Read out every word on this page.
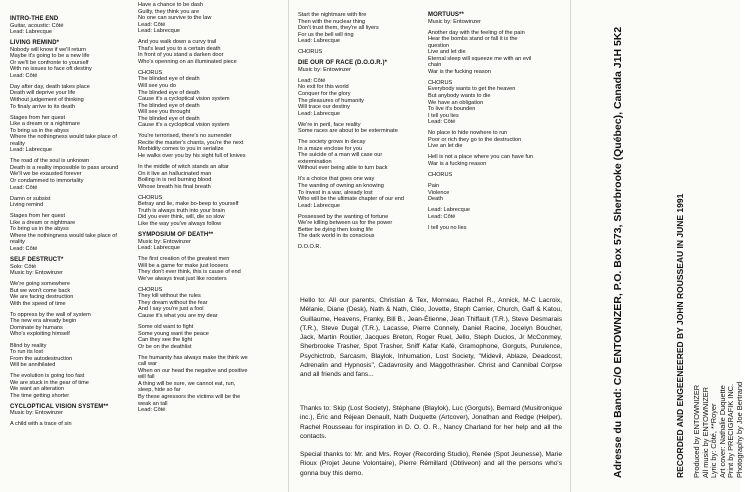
INTRO-THE END
Guitar, acoustic: Côté
Lead: Labrecque
LIVING REMIND*
Nobody will know if we'll return
Maybe it's going to be a new life
Or we'll be confronte to yourself
With no issues to face oft destiny
Lead: Côté
Day after day, death takes place
Death will deprive your life
Without judgement of thinking
To finaly arrive to its death
Stages from her quest
Like a dream or a nightmare
To bring us in the abyss
Where the nothingness would take place of
reality
Lead: Labrecque
The road of the soul is unknown
Death is a reality impossible to pass around
We'll we be exausted forever
Or condammed to immortality
Lead: Côté
Damn or subsist
Living remind
Stages from her quest
Like a dream or nightmare
To bring us in the abyss
Where the nothingness would take place of
reality
Lead: Côté
SELF DESTRUCT*
Solo: Côté
Music by: Entowinzer
We're going somewhere
But we won't come back
We are facing destruction
With the speed of time
To oppress by the wall of system
The new era already begin
Dominate by humans
Who's exploiting himself
Blind by reality
To run its lost
From the autodestruction
Will be annihilated
The evolution is going too fast
We are stuck in the gear of time
We want an alteration
The time getting shorter
CYCLOPTICAL VISION SYSTEM**
Music by: Entowinzer
A child with a trace of sin
Have a chance to be dash
Guilty, they think you are
No one can survive to the law
Lead: Côté
Lead: Labrecque
And you walk down a curvy trail
That's lead you to a certain death
In front of you stand a darken door
Who's openning on an illuminated piece
CHORUS
The blinded eye of death
Will see you do
The blinded eye of death
Cause it's a cycloptical vision system
The blinded eye of death
Will see you throught
The blinded eye of death
Cause it's a cycloptical vision system
You're terrorised, there's no surrender
Recite the master's chants, you're the next
Morbidity comes to you in serialize
He walks over you by his sight full of knives
In the middle of witch stands an altar
On it live an hallucinated man
Boiling in is red burning blood
Whose breath his final breath
CHORUS
Betray and lie, make bo-beep to yourself
Truth is always truth into your brain
Did you ever think, will, die so slow
Like the way you've always follow
SYMPOSIUM OF DEATH**
Music by: Entowinzer
Lead: Labrecque
The first creation of the greatest men
Will be a game for make just loosers
They don't ever think, this is cause of end
We've always treat just like roosters
CHORUS
They kill without the rules
They dream without the fear
And I say you're just a fool
Cause it's what you are my dear
Some old want to fight
Some young want the peace
Can they see the light
Or be on the deathlist
The humanity has always make the think we
call war
When on our head the negative and positive
will fall
A thing will be sure, we cannot eat, run,
sleep, hide so far
By these agressors the victims will be the
weak an tall
Lead: Côté
Start the nightmare with fire
Then with the nuclear thing
Don't trust them, they're all liyers
For us the bell will ring
Lead: Labrecque
CHORUS
DIE OUR OF RACE (D.O.O.R.)*
Music by: Entowinzer
Lead: Côté
No exit for this world
Conquer for the glory
The pleasures of humanity
Will trace our destiny
Lead: Labrecque
We're in peril, face reality
Some races are about to be exterminate
The society grows in decay
In a maze enclose for you
The suicide of a man will case our
extermination
Without ever being able to turn back
It's a choice that goes one way
The wanting of owning an knowing
To invest in a war, already lost
Who will be the ultimate chapter of our end
Lead: Labrecque
Possessed by the wanting of fortune
We're killing between us for the power
Better be dying then losing life
The dark world in its conscious
D.O.O.R.
MORTUUS**
Music by: Entowinzer
Another day with the feeling of the pain
Hear the bombs stand or fall it is the
question
Live and let die
Eternal sleep will squeeze me with an evil
chain
War is the fucking reason
CHORUS
Everybody wants to get the heaven
But anybody wants to die
We have an obligation
To live it's bounden
I tell you lies
Lead: Côté
No place to hide nowhere to run
Poor or rich they go to the destruction
Live an let die
Hell is not a place where you can have fun
War is a fucking reason
CHORUS
Pain
Violence
Death
Lead: Labrecque
Lead: Côté
I tell you no lies
Hello to: All our parents, Christian & Tex, Morneau, Rachel R., Annick, M-C Lacroix, Mélanie, Diane (Desk), Nath & Nath, Cléo, Jovette, Steph Carrier, Church, Gaff & Katou, Guillaume, Heavens, Franky, Bill B., Jean-Étienne, Jean Thiffault (T.R.), Steve Desmarais (T.R.), Steve Dugal (T.R.), Lacasse, Pierre Connely, Daniel Racine, Jocelyn Boucher, Jack, Martin Routier, Jacques Breton, Roger Ruel, Jello, Steph Duclos, Jr McConmey, Sherbrooke Trasher, Spot Trasher, Sniff Kafar Kafé, Gramophone, Gorguts, Purulence, Psychictrob, Sarcasm, Blaylok, Inhumation, Lost Society, "Midevil, Ablaze, Deadcost, Adrenalin and Hypnosis", Cadavrosity and Maggothrasher. Christ and Cannibal Corpse and all friends and fans...
Thanks to: Skip (Lost Society), Stéphane (Blaylok), Luc (Gorguts), Bernard (Musitronique inc.), Éric and Réjean Denault, Nath Duquette (Artcover), Jonathan and Redge (Helper), Rachel Rousseau for inspiration in D. O. O. R., Nancy Charland for her help and all the contacts.
Special thanks to: Mr. and Mrs. Royer (Recording Studio), Renée (Spot Jeunesse), Marie Rioux (Projet Jeune Volontaire), Pierre Rémillard (Obliveon) and all the persons who's gonna buy this demo.	Adresse du Band: C/O ENTOWNZER, P.O. Box 573, Sherbrooke (Québec), Canada J1H 5K2	RECORDED AND ENGEENEERED BY JOHN ROUSSEAU IN JUNE 1991 Produced by ENTOWNIZER All music by ENTOWNIZER Lyric by: Côté, **Royer Art cover: Nathalie Duquette Print by PRECIGRAFIK INC. Photography by Joe Bertrand
